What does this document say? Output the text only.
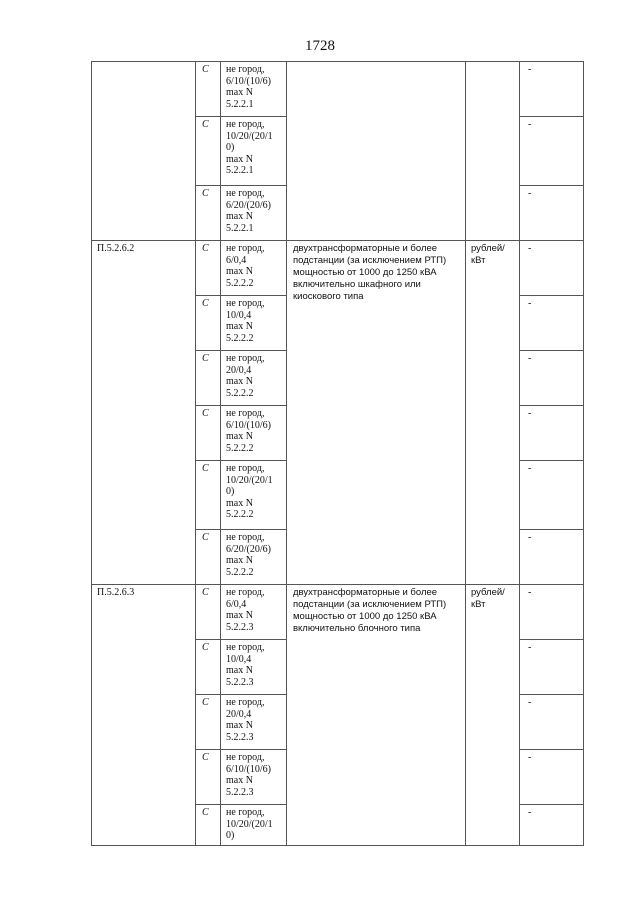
1728
	C	не город,
6/10/(10/6)
max N
5.2.2.1			-
	C	не город,
10/20/(20/1
0)
max N
5.2.2.1			-
	C	не город,
6/20/(20/6)
max N
5.2.2.1			-
П.5.2.6.2	C	не город,
6/0,4
max N
5.2.2.2	двухтрансформаторные и более подстанции (за исключением РТП) мощностью от 1000 до 1250 кВА включительно шкафного или киоскового типа	рублей/ кВт	-
	C	не город,
10/0,4
max N
5.2.2.2			-
	C	не город,
20/0,4
max N
5.2.2.2			-
	C	не город,
6/10/(10/6)
max N
5.2.2.2			-
	C	не город,
10/20/(20/1
0)
max N
5.2.2.2			-
	C	не город,
6/20/(20/6)
max N
5.2.2.2			-
П.5.2.6.3	C	не город,
6/0,4
max N
5.2.2.3	двухтрансформаторные и более подстанции (за исключением РТП) мощностью от 1000 до 1250 кВА включительно блочного типа	рублей/ кВт	-
	C	не город,
10/0,4
max N
5.2.2.3			-
	C	не город,
20/0,4
max N
5.2.2.3			-
	C	не город,
6/10/(10/6)
max N
5.2.2.3			-
	C	не город,
10/20/(20/1
0)			-
